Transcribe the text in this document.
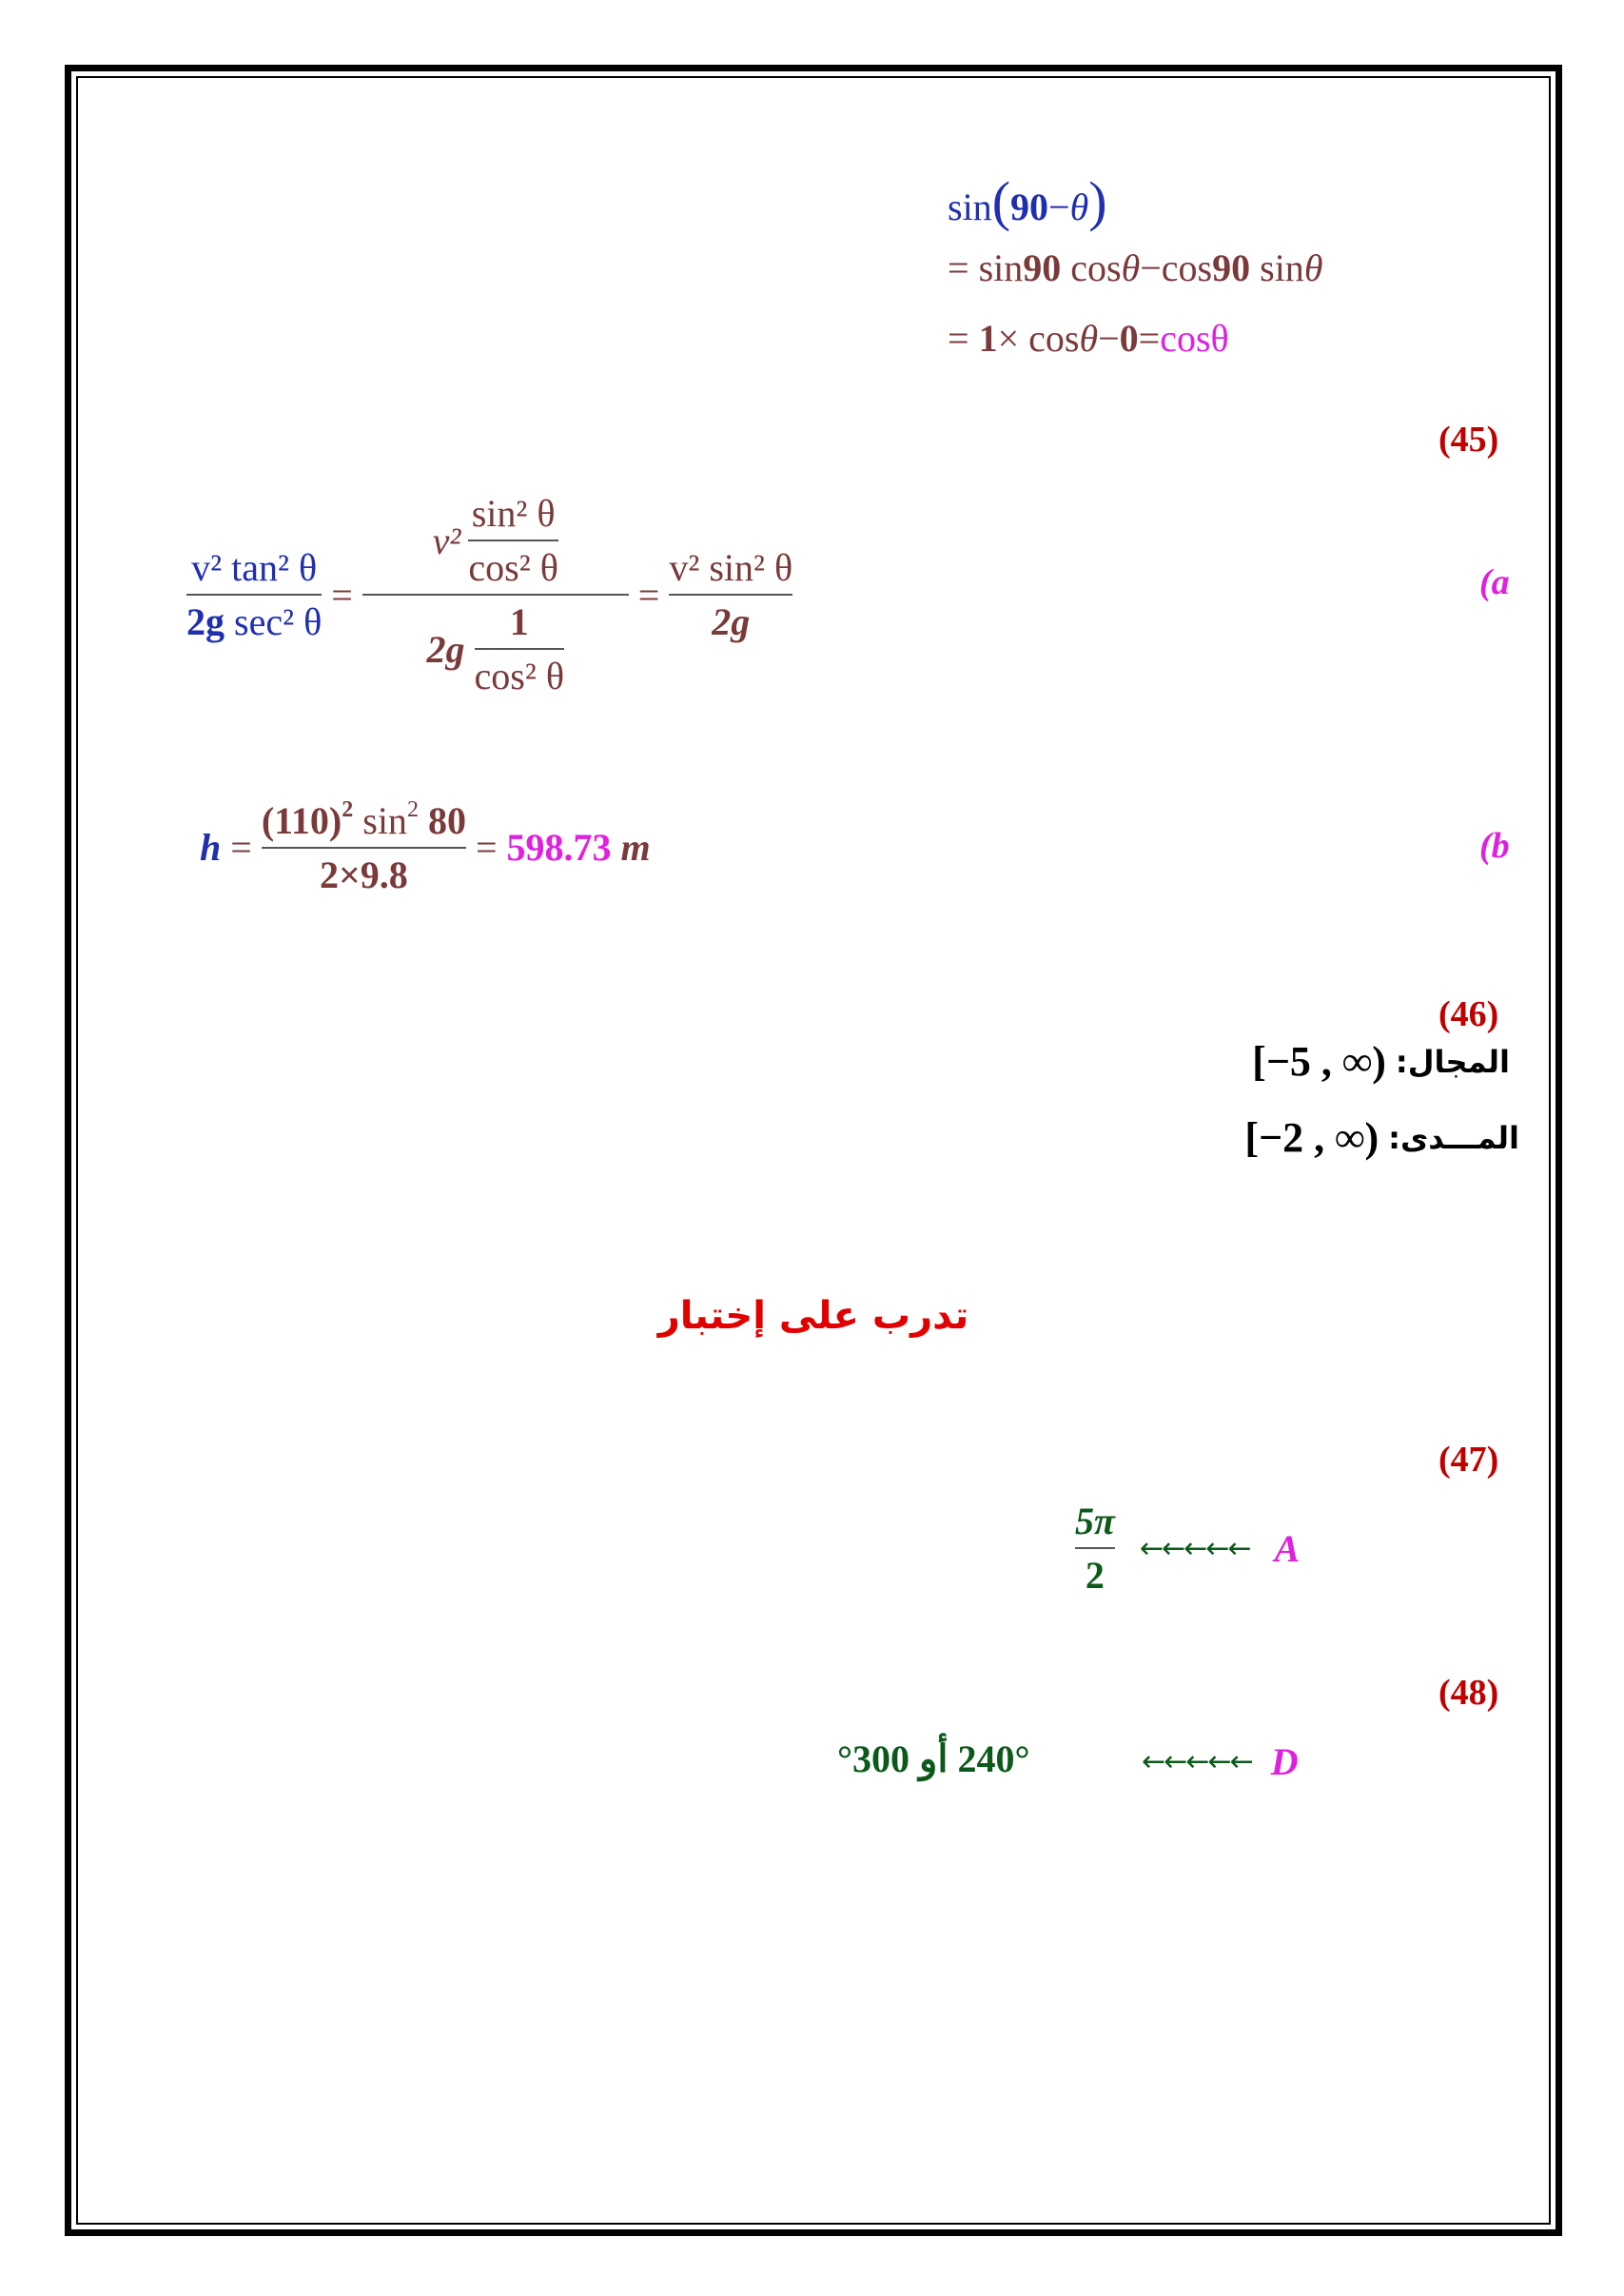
sin(90−θ)
= sin90 cosθ−cos90 sinθ
= 1× cosθ−0=cosθ
(45)
(a
$\frac{\text{v² tan² θ}}{\text{2g sec² θ}} = \frac{v^2 \frac{\text{sin² θ}}{\text{cos² θ}}}{2g \frac{1}{\text{cos² θ}}} = \frac{\text{v² sin² θ}}{2g}$
(b
$h = \frac{(110)^2 \sin^2 80}{2\times 9.8} = 598.73$
m
(46)
المجال:
[−5 , ∞)
المـــدى:
[−2 , ∞)
تدرب على إختبار
(47)
$\frac{5\pi}{2}$ ←←←←← A
(48)
240° أو 300°	←←←←← D
